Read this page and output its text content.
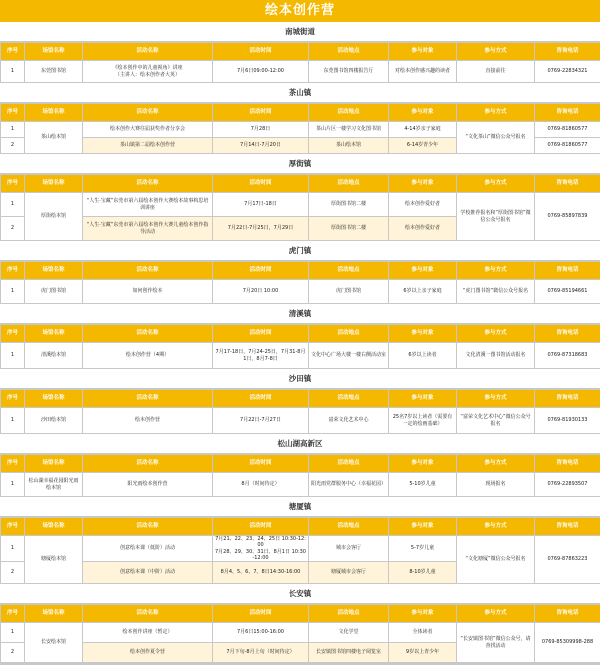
绘本创作营
南城街道
序号	场馆名称	活动名称	活动时间	活动地点	参与对象	参与方式	咨询电话
1	东莞图书馆	《绘本创作中的儿童视角》讲座
（主讲人：绘本创作者大英）	7月6日09:00-12:00	东莞图书馆四楼报告厅	对绘本创作感兴趣的读者	直接前往	0769-22834321
茶山镇
序号	场馆名称	活动名称	活动时间	活动地点	参与对象	参与方式	咨询电话
1	茶山绘本馆	绘本创作大赛往届获奖作者分享会	7月28日	茶山片区一楼学习文化图书馆	4-14岁亲子家庭	“文化茶山”微信公众号报名	0769-81860577
2		茶山镇第二届绘本创作营	7月14日-7月20日	茶山绘本馆	6-14岁青少年		0769-81860577
厚街镇
序号	场馆名称	活动名称	活动时间	活动地点	参与对象	参与方式	咨询电话
1	厚街绘本馆	“人生·宝藏”东莞市第六届绘本创作大赛绘本故事构思培训讲座	7月17日-18日	厚街图书馆二楼	绘本创作爱好者	学校推荐报名和“厚街图书馆”微信公众号报名	0769-85897839
2		“人生·宝藏”东莞市第六届绘本创作大赛儿童绘本创作指导活动	7月22日-7月25日，7月29日	厚街图书馆二楼	绘本创作爱好者		
虎门镇
序号	场馆名称	活动名称	活动时间	活动地点	参与对象	参与方式	咨询电话
1	虎门图书馆	如何创作绘本	7月20日 10:00	虎门图书馆	6岁以上亲子家庭	“虎门图书馆”微信公众号报名	0769-85194661
清溪镇
序号	场馆名称	活动名称	活动时间	活动地点	参与对象	参与方式	咨询电话
1	清溪绘本馆	绘本创作营（4期）	7月17-18日，7月24-25日，7月31-8月1日，8月7-8日	文化中心广场大楼一楼右侧活动室	6岁以上读者	文化清溪一图书馆活动报名	0769-87318683
沙田镇
序号	场馆名称	活动名称	活动时间	活动地点	参与对象	参与方式	咨询电话
1	沙田绘本馆	绘本创作营	7月22日-7月27日	富荣文化艺术中心	25名7岁以上读者（需要有一定的绘画基础）	“富荣文化艺术中心”微信公众号报名	0769-81930133
松山湖高新区
序号	场馆名称	活动名称	活动时间	活动地点	参与对象	参与方式	咨询电话
1	松山湖幸福花园阳光雨绘本馆	阳光雨绘本创作营	8月（时间待定）	阳光雨党群服务中心（幸福花园）	5-10岁儿童	现场报名	0769-22893507
塘厦镇
序号	场馆名称	活动名称	活动时间	活动地点	参与对象	参与方式	咨询电话
1	塘厦绘本馆	创意绘本课（低阶）活动	7月21、22、23、24、25日 10:30-12:00
7月28、29、30、31日、8月1日 10:30-12:00	城市会客厅	5-7岁儿童	“文化塘厦”微信公众号报名	0769-87863223
2		创意绘本课（中阶）活动	8月4、5、6、7、8日14:30-16:00	塘厦城市会客厅	8-10岁儿童		
长安镇
序号	场馆名称	活动名称	活动时间	活动地点	参与对象	参与方式	咨询电话
1	长安绘本馆	绘本创作讲座（暂定）	7月6日15:00-16:00	文化学堂	全体读者	“长安镇图书馆”微信公众号，请查找活动	0769-85309998-288
2		绘本创作夏令营	7月下旬-8月上旬（时间待定）	长安镇图书馆四楼电子阅览室	9岁以上青少年		
